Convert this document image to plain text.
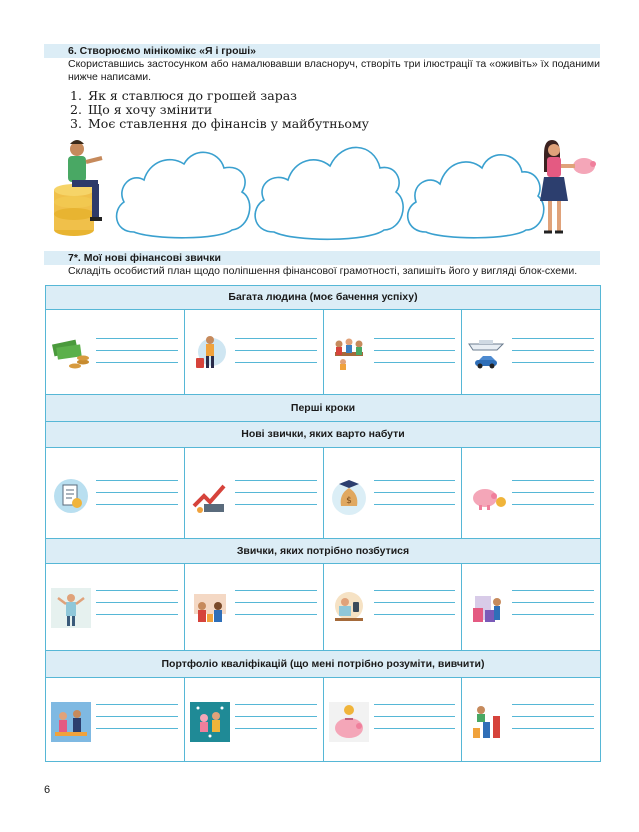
6. Створюємо мінікомікс «Я і гроші»
Скориставшись застосунком або намалювавши власноруч, створіть три ілюстрації та «оживіть» їх поданими нижче написами.
1. Як я ставлюся до грошей зараз
2. Що я хочу змінити
3. Моє ставлення до фінансів у майбутньому
7*. Мої нові фінансові звички
Складіть особистий план щодо поліпшення фінансової грамотності, запишіть його у вигляді блок-схеми.
Багата людина (моє бачення успіху)
Перші кроки
Нові звички, яких варто набути
$
Звички, яких потрібно позбутися
Портфоліо кваліфікацій (що мені потрібно розуміти, вивчити)
6
